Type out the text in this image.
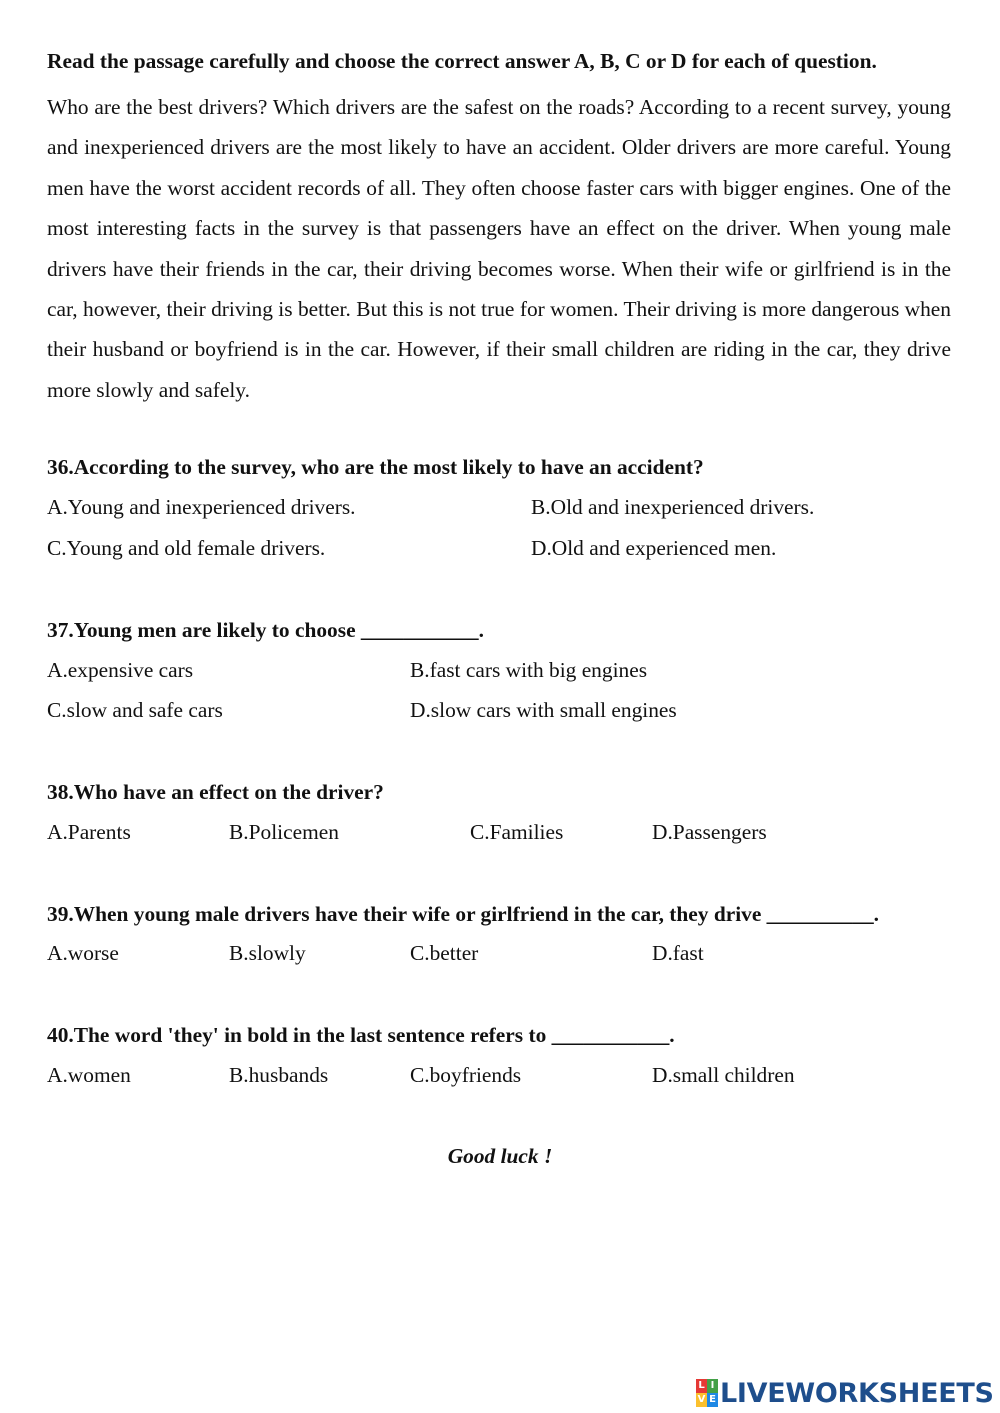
Read the passage carefully and choose the correct answer A, B, C or D for each of question.

Who are the best drivers? Which drivers are the safest on the roads? According to a recent survey, young and inexperienced drivers are the most likely to have an accident. Older drivers are more careful. Young men have the worst accident records of all. They often choose faster cars with bigger engines. One of the most interesting facts in the survey is that passengers have an effect on the driver. When young male drivers have their friends in the car, their driving becomes worse. When their wife or girlfriend is in the car, however, their driving is better. But this is not true for women. Their driving is more dangerous when their husband or boyfriend is in the car. However, if their small children are riding in the car, they drive more slowly and safely.

36.According to the survey, who are the most likely to have an accident?
A.Young and inexperienced drivers.	B.Old and inexperienced drivers.
C.Young and old female drivers.	D.Old and experienced men.
37.Young men are likely to choose ___________.
A.expensive cars	B.fast cars with big engines
C.slow and safe cars	D.slow cars with small engines
38.Who have an effect on the driver?
A.Parents	B.Policemen	C.Families	D.Passengers
39.When young male drivers have their wife or girlfriend in the car, they drive __________.
A.worse	B.slowly	C.better	D.fast
40.The word 'they' in bold in the last sentence refers to ___________.
A.women	B.husbands	C.boyfriends	D.small children
Good luck !
L I
V E LIVEWORKSHEETS
